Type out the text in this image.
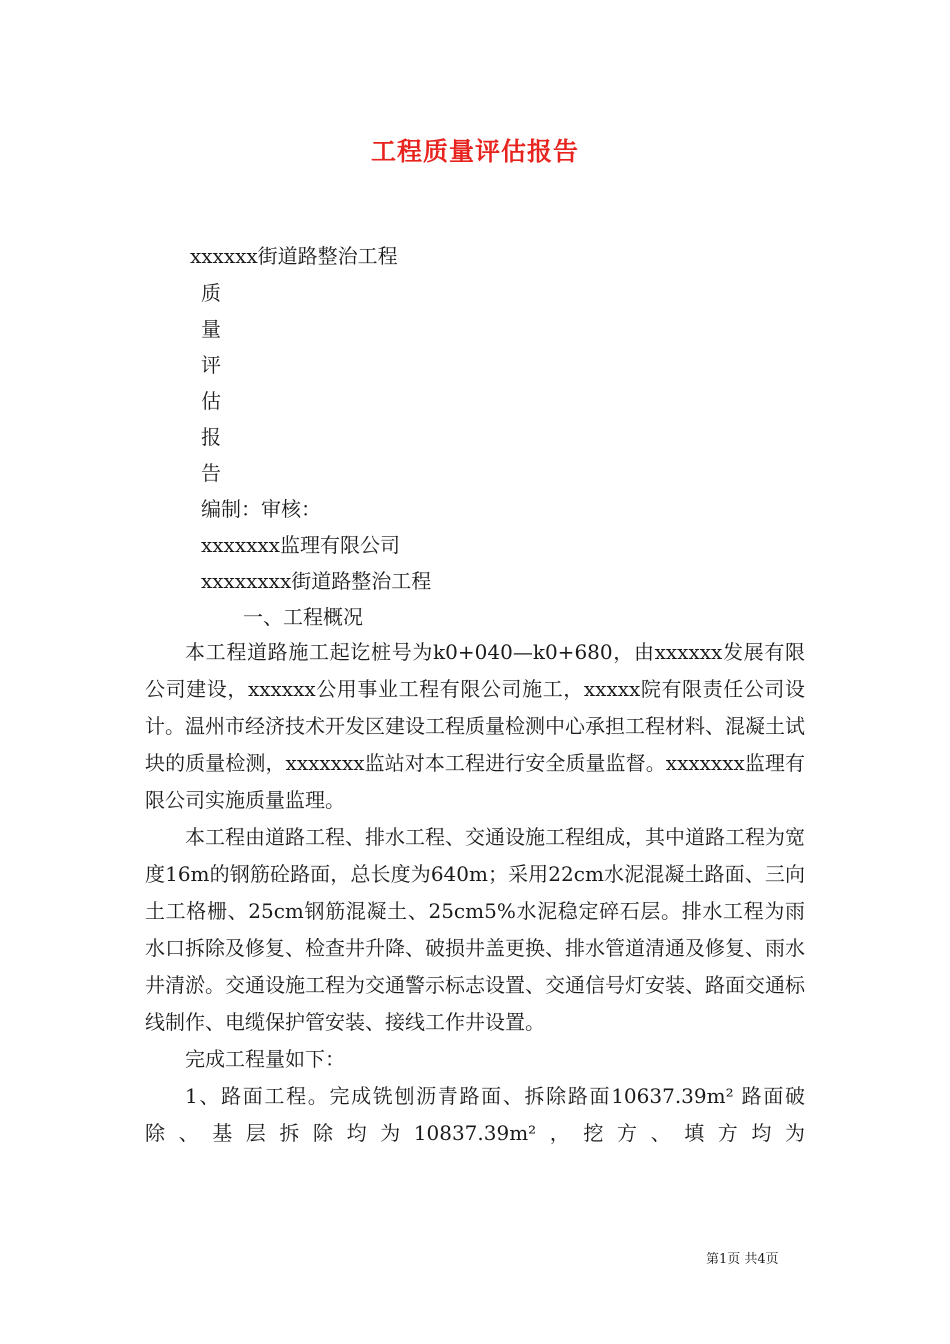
工程质量评估报告
xxxxxx街道路整治工程
质
量
评
估
报
告
编制：审核：
xxxxxxx监理有限公司
xxxxxxxx街道路整治工程
一、工程概况

本工程道路施工起讫桩号为k0+040—k0+680，由xxxxxx发展有限公司建设，xxxxxx公用事业工程有限公司施工，xxxxx院有限责任公司设计。温州市经济技术开发区建设工程质量检测中心承担工程材料、混凝土试块的质量检测，xxxxxxx监站对本工程进行安全质量监督。xxxxxxx监理有限公司实施质量监理。

本工程由道路工程、排水工程、交通设施工程组成，其中道路工程为宽度16m的钢筋砼路面，总长度为640m；采用22cm水泥混凝土路面、三向土工格栅、25cm钢筋混凝土、25cm5%水泥稳定碎石层。排水工程为雨水口拆除及修复、检查井升降、破损井盖更换、排水管道清通及修复、雨水井清淤。交通设施工程为交通警示标志设置、交通信号灯安装、路面交通标线制作、电缆保护管安装、接线工作井设置。

完成工程量如下：

1、路面工程。完成铣刨沥青路面、拆除路面10637.39m² 路面破除、基层拆除均为10837.39m²，挖方、填方均为

第1页 共4页
